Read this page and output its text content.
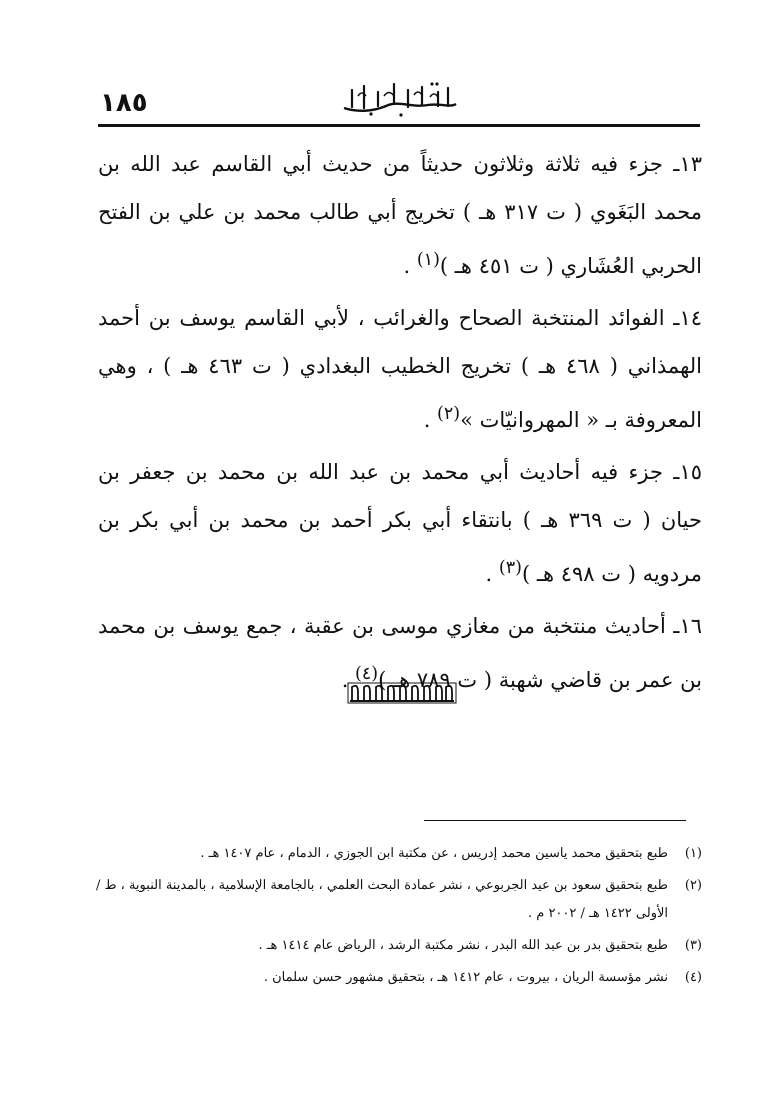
١٨٥

١٣ـ جزء فيه ثلاثة وثلاثون حديثاً من حديث أبي القاسم عبد الله بن محمد البَغَوي ( ت ٣١٧ هـ ) تخريج أبي طالب محمد بن علي بن الفتح الحربي العُشَاري ( ت ٤٥١ هـ )$^{(١)}$ .

١٤ـ الفوائد المنتخبة الصحاح والغرائب ، لأبي القاسم يوسف بن أحمد الهمذاني ( ٤٦٨ هـ ) تخريج الخطيب البغدادي ( ت ٤٦٣ هـ ) ، وهي المعروفة بـ « المهروانيّات »$^{(٢)}$ .

١٥ـ جزء فيه أحاديث أبي محمد بن عبد الله بن محمد بن جعفر بن حيان ( ت ٣٦٩ هـ ) بانتقاء أبي بكر أحمد بن محمد بن أبي بكر بن مردويه ( ت ٤٩٨ هـ )$^{(٣)}$ .

١٦ـ أحاديث منتخبة من مغازي موسى بن عقبة ، جمع يوسف بن محمد بن عمر بن قاضي شهبة ( ت ٧٨٩ هـ )$^{(٤)}$ .

(١)
طبع بتحقيق محمد ياسين محمد إدريس ، عن مكتبة ابن الجوزي ، الدمام ، عام ١٤٠٧ هـ .

(٢)
طبع بتحقيق سعود بن عيد الجربوعي ، نشر عمادة البحث العلمي ، بالجامعة الإسلامية ، بالمدينة النبوية ، ط / الأولى ١٤٢٢ هـ / ٢٠٠٢ م .

(٣)
طبع بتحقيق بدر بن عبد الله البدر ، نشر مكتبة الرشد ، الرياض عام ١٤١٤ هـ .

(٤)
نشر مؤسسة الريان ، بيروت ، عام ١٤١٢ هـ ، بتحقيق مشهور حسن سلمان .
